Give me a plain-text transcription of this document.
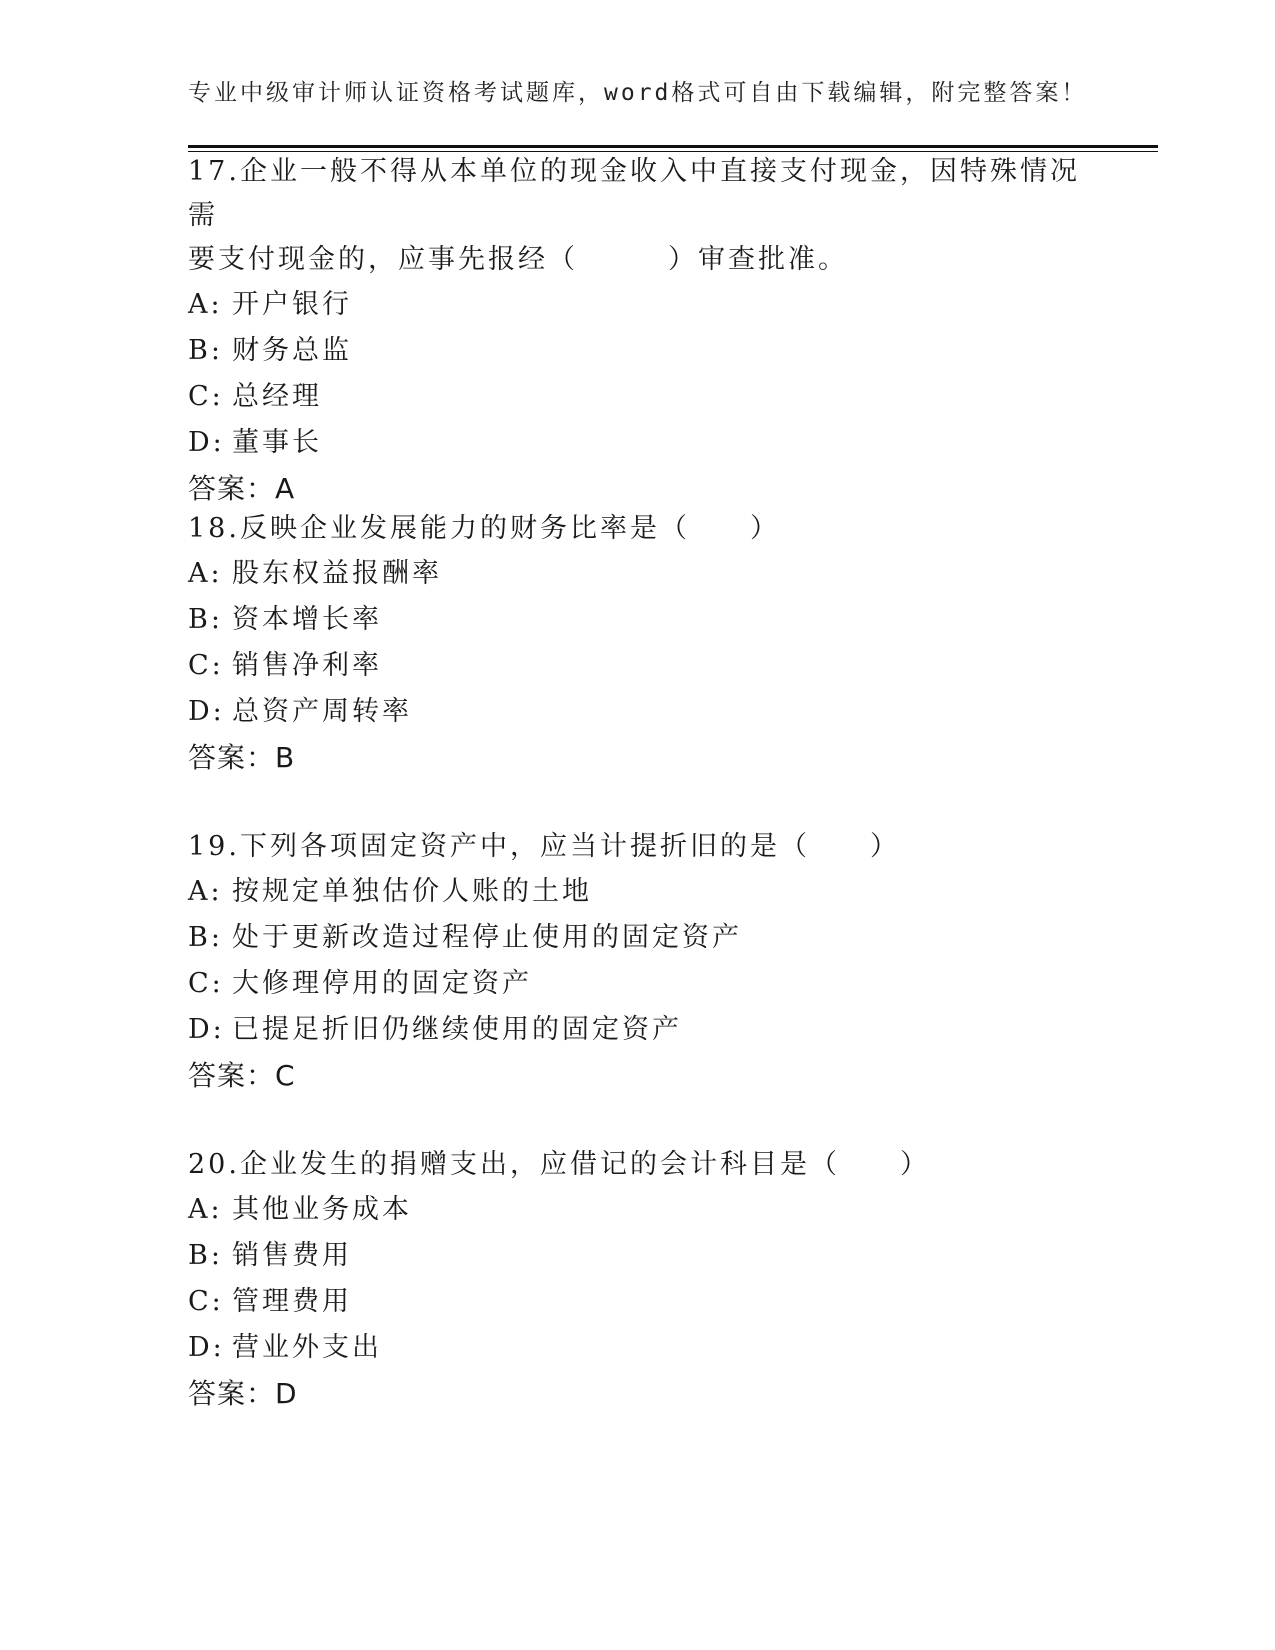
专业中级审计师认证资格考试题库，word格式可自由下载编辑，附完整答案！

17.企业一般不得从本单位的现金收入中直接支付现金，因特殊情况需

要支付现金的，应事先报经（　　　）审查批准。

A: 开户银行
B: 财务总监
C: 总经理
D: 董事长
答案：A

18.反映企业发展能力的财务比率是（　　）

A: 股东权益报酬率
B: 资本增长率
C: 销售净利率
D: 总资产周转率
答案：B

19.下列各项固定资产中，应当计提折旧的是（　　）

A: 按规定单独估价人账的土地
B: 处于更新改造过程停止使用的固定资产
C: 大修理停用的固定资产
D: 已提足折旧仍继续使用的固定资产
答案：C

20.企业发生的捐赠支出，应借记的会计科目是（　　）

A: 其他业务成本
B: 销售费用
C: 管理费用
D: 营业外支出
答案：D
